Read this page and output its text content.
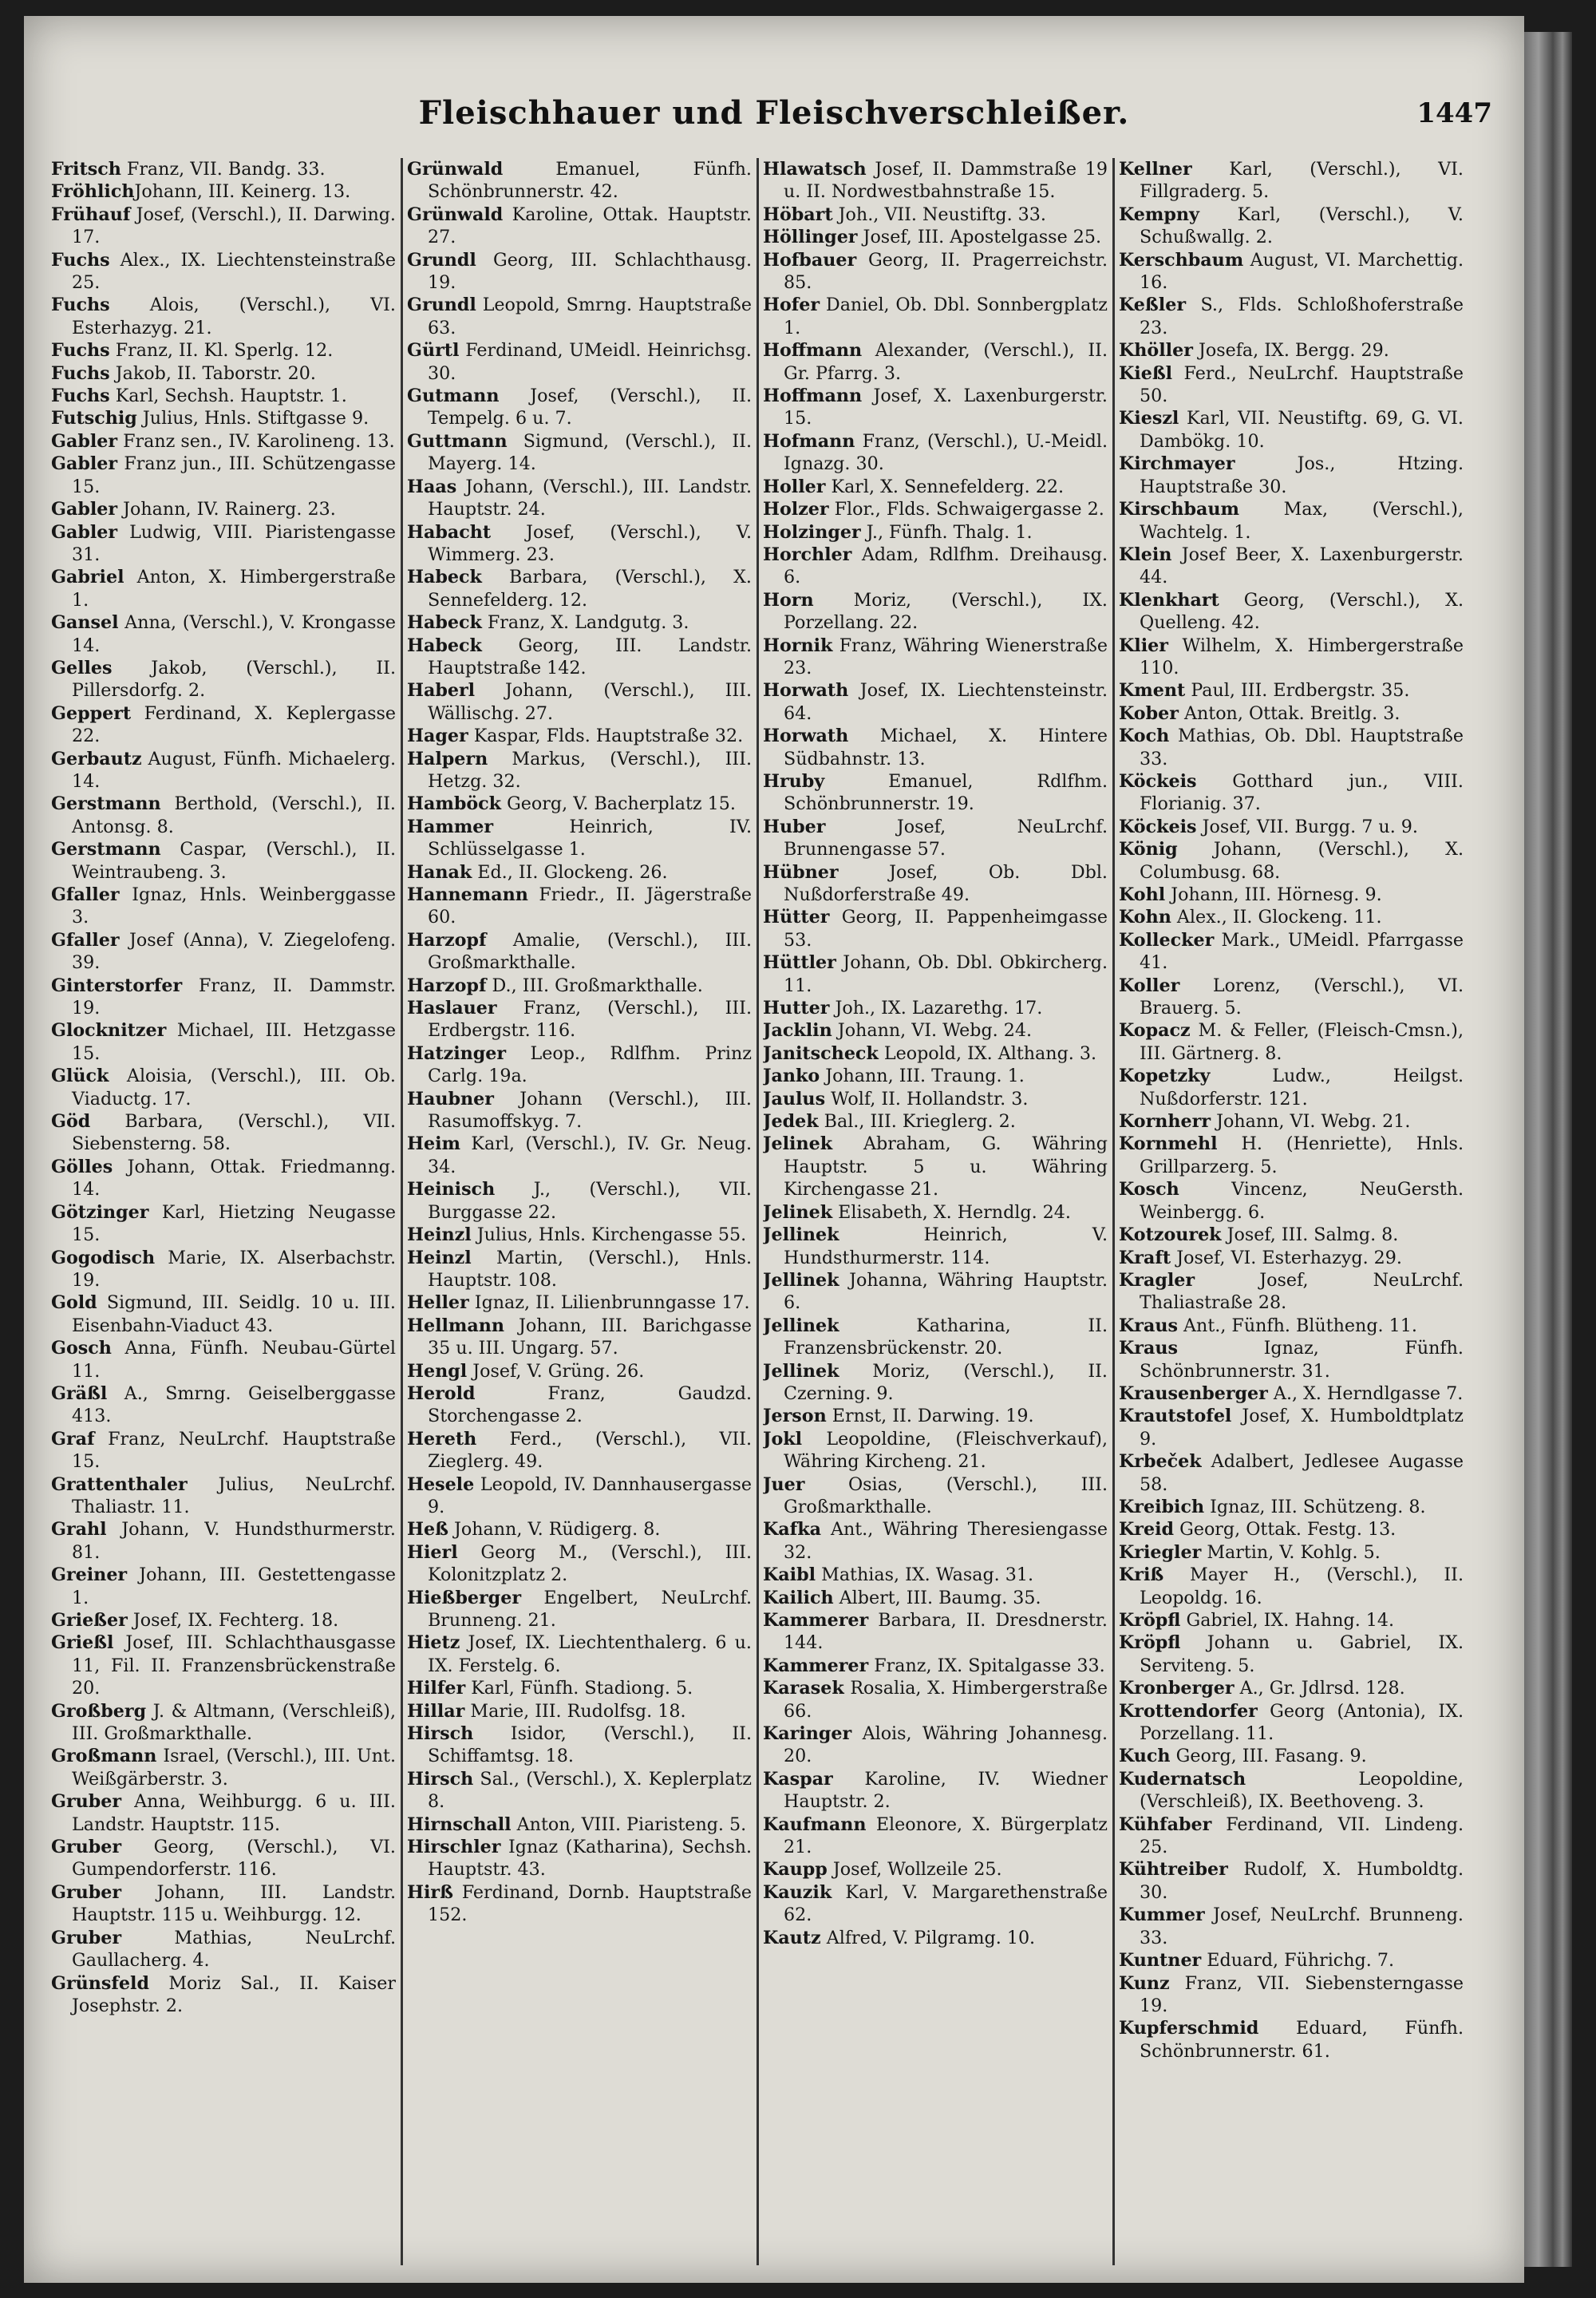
Fleischhauer und Fleischverschleißer.	1447

Fritsch Franz, VII. Bandg. 33.

FröhlichJohann, III. Keinerg. 13.

Frühauf Josef, (Verschl.), II. Darwing. 17.

Fuchs Alex., IX. Liechtensteinstraße 25.

Fuchs Alois, (Verschl.), VI. Esterhazyg. 21.

Fuchs Franz, II. Kl. Sperlg. 12.

Fuchs Jakob, II. Taborstr. 20.

Fuchs Karl, Sechsh. Hauptstr. 1.

Futschig Julius, Hnls. Stiftgasse 9.

Gabler Franz sen., IV. Karolineng. 13.

Gabler Franz jun., III. Schützengasse 15.

Gabler Johann, IV. Rainerg. 23.

Gabler Ludwig, VIII. Piaristengasse 31.

Gabriel Anton, X. Himbergerstraße 1.

Gansel Anna, (Verschl.), V. Krongasse 14.

Gelles Jakob, (Verschl.), II. Pillersdorfg. 2.

Geppert Ferdinand, X. Keplergasse 22.

Gerbautz August, Fünfh. Michaelerg. 14.

Gerstmann Berthold, (Verschl.), II. Antonsg. 8.

Gerstmann Caspar, (Verschl.), II. Weintraubeng. 3.

Gfaller Ignaz, Hnls. Weinberggasse 3.

Gfaller Josef (Anna), V. Ziegelofeng. 39.

Ginterstorfer Franz, II. Dammstr. 19.

Glocknitzer Michael, III. Hetzgasse 15.

Glück Aloisia, (Verschl.), III. Ob. Viaductg. 17.

Göd Barbara, (Verschl.), VII. Siebensterng. 58.

Gölles Johann, Ottak. Friedmanng. 14.

Götzinger Karl, Hietzing Neugasse 15.

Gogodisch Marie, IX. Alserbachstr. 19.

Gold Sigmund, III. Seidlg. 10 u. III. Eisenbahn-Viaduct 43.

Gosch Anna, Fünfh. Neubau-Gürtel 11.

Gräßl A., Smrng. Geiselberggasse 413.

Graf Franz, NeuLrchf. Hauptstraße 15.

Grattenthaler Julius, NeuLrchf. Thaliastr. 11.

Grahl Johann, V. Hundsthurmerstr. 81.

Greiner Johann, III. Gestettengasse 1.

Grießer Josef, IX. Fechterg. 18.

Grießl Josef, III. Schlachthausgasse 11, Fil. II. Franzensbrückenstraße 20.

Großberg J. & Altmann, (Verschleiß), III. Großmarkthalle.

Großmann Israel, (Verschl.), III. Unt. Weißgärberstr. 3.

Gruber Anna, Weihburgg. 6 u. III. Landstr. Hauptstr. 115.

Gruber Georg, (Verschl.), VI. Gumpendorferstr. 116.

Gruber Johann, III. Landstr. Hauptstr. 115 u. Weihburgg. 12.

Gruber Mathias, NeuLrchf. Gaullacherg. 4.

Grünsfeld Moriz Sal., II. Kaiser Josephstr. 2.

Grünwald Emanuel, Fünfh. Schönbrunnerstr. 42.

Grünwald Karoline, Ottak. Hauptstr. 27.

Grundl Georg, III. Schlachthausg. 19.

Grundl Leopold, Smrng. Hauptstraße 63.

Gürtl Ferdinand, UMeidl. Heinrichsg. 30.

Gutmann Josef, (Verschl.), II. Tempelg. 6 u. 7.

Guttmann Sigmund, (Verschl.), II. Mayerg. 14.

Haas Johann, (Verschl.), III. Landstr. Hauptstr. 24.

Habacht Josef, (Verschl.), V. Wimmerg. 23.

Habeck Barbara, (Verschl.), X. Sennefelderg. 12.

Habeck Franz, X. Landgutg. 3.

Habeck Georg, III. Landstr. Hauptstraße 142.

Haberl Johann, (Verschl.), III. Wällischg. 27.

Hager Kaspar, Flds. Hauptstraße 32.

Halpern Markus, (Verschl.), III. Hetzg. 32.

Hamböck Georg, V. Bacherplatz 15.

Hammer Heinrich, IV. Schlüsselgasse 1.

Hanak Ed., II. Glockeng. 26.

Hannemann Friedr., II. Jägerstraße 60.

Harzopf Amalie, (Verschl.), III. Großmarkthalle.

Harzopf D., III. Großmarkthalle.

Haslauer Franz, (Verschl.), III. Erdbergstr. 116.

Hatzinger Leop., Rdlfhm. Prinz Carlg. 19a.

Haubner Johann (Verschl.), III. Rasumoffskyg. 7.

Heim Karl, (Verschl.), IV. Gr. Neug. 34.

Heinisch J., (Verschl.), VII. Burggasse 22.

Heinzl Julius, Hnls. Kirchengasse 55.

Heinzl Martin, (Verschl.), Hnls. Hauptstr. 108.

Heller Ignaz, II. Lilienbrunngasse 17.

Hellmann Johann, III. Barichgasse 35 u. III. Ungarg. 57.

Hengl Josef, V. Grüng. 26.

Herold Franz, Gaudzd. Storchengasse 2.

Hereth Ferd., (Verschl.), VII. Zieglerg. 49.

Hesele Leopold, IV. Dannhausergasse 9.

Heß Johann, V. Rüdigerg. 8.

Hierl Georg M., (Verschl.), III. Kolonitzplatz 2.

Hießberger Engelbert, NeuLrchf. Brunneng. 21.

Hietz Josef, IX. Liechtenthalerg. 6 u. IX. Ferstelg. 6.

Hilfer Karl, Fünfh. Stadiong. 5.

Hillar Marie, III. Rudolfsg. 18.

Hirsch Isidor, (Verschl.), II. Schiffamtsg. 18.

Hirsch Sal., (Verschl.), X. Keplerplatz 8.

Hirnschall Anton, VIII. Piaristeng. 5.

Hirschler Ignaz (Katharina), Sechsh. Hauptstr. 43.

Hirß Ferdinand, Dornb. Hauptstraße 152.

Hlawatsch Josef, II. Dammstraße 19 u. II. Nordwestbahnstraße 15.

Höbart Joh., VII. Neustiftg. 33.

Höllinger Josef, III. Apostelgasse 25.

Hofbauer Georg, II. Pragerreichstr. 85.

Hofer Daniel, Ob. Dbl. Sonnbergplatz 1.

Hoffmann Alexander, (Verschl.), II. Gr. Pfarrg. 3.

Hoffmann Josef, X. Laxenburgerstr. 15.

Hofmann Franz, (Verschl.), U.-Meidl. Ignazg. 30.

Holler Karl, X. Sennefelderg. 22.

Holzer Flor., Flds. Schwaigergasse 2.

Holzinger J., Fünfh. Thalg. 1.

Horchler Adam, Rdlfhm. Dreihausg. 6.

Horn Moriz, (Verschl.), IX. Porzellang. 22.

Hornik Franz, Währing Wienerstraße 23.

Horwath Josef, IX. Liechtensteinstr. 64.

Horwath Michael, X. Hintere Südbahnstr. 13.

Hruby Emanuel, Rdlfhm. Schönbrunnerstr. 19.

Huber Josef, NeuLrchf. Brunnengasse 57.

Hübner Josef, Ob. Dbl. Nußdorferstraße 49.

Hütter Georg, II. Pappenheimgasse 53.

Hüttler Johann, Ob. Dbl. Obkircherg. 11.

Hutter Joh., IX. Lazarethg. 17.

Jacklin Johann, VI. Webg. 24.

Janitscheck Leopold, IX. Althang. 3.

Janko Johann, III. Traung. 1.

Jaulus Wolf, II. Hollandstr. 3.

Jedek Bal., III. Krieglerg. 2.

Jelinek Abraham, G. Währing Hauptstr. 5 u. Währing Kirchengasse 21.

Jelinek Elisabeth, X. Herndlg. 24.

Jellinek Heinrich, V. Hundsthurmerstr. 114.

Jellinek Johanna, Währing Hauptstr. 6.

Jellinek Katharina, II. Franzensbrückenstr. 20.

Jellinek Moriz, (Verschl.), II. Czerning. 9.

Jerson Ernst, II. Darwing. 19.

Jokl Leopoldine, (Fleischverkauf), Währing Kircheng. 21.

Juer Osias, (Verschl.), III. Großmarkthalle.

Kafka Ant., Währing Theresiengasse 32.

Kaibl Mathias, IX. Wasag. 31.

Kailich Albert, III. Baumg. 35.

Kammerer Barbara, II. Dresdnerstr. 144.

Kammerer Franz, IX. Spitalgasse 33.

Karasek Rosalia, X. Himbergerstraße 66.

Karinger Alois, Währing Johannesg. 20.

Kaspar Karoline, IV. Wiedner Hauptstr. 2.

Kaufmann Eleonore, X. Bürgerplatz 21.

Kaupp Josef, Wollzeile 25.

Kauzik Karl, V. Margarethenstraße 62.

Kautz Alfred, V. Pilgramg. 10.

Kellner Karl, (Verschl.), VI. Fillgraderg. 5.

Kempny Karl, (Verschl.), V. Schußwallg. 2.

Kerschbaum August, VI. Marchettig. 16.

Keßler S., Flds. Schloßhoferstraße 23.

Khöller Josefa, IX. Bergg. 29.

Kießl Ferd., NeuLrchf. Hauptstraße 50.

Kieszl Karl, VII. Neustiftg. 69, G. VI. Dambökg. 10.

Kirchmayer Jos., Htzing. Hauptstraße 30.

Kirschbaum Max, (Verschl.), Wachtelg. 1.

Klein Josef Beer, X. Laxenburgerstr. 44.

Klenkhart Georg, (Verschl.), X. Quelleng. 42.

Klier Wilhelm, X. Himbergerstraße 110.

Kment Paul, III. Erdbergstr. 35.

Kober Anton, Ottak. Breitlg. 3.

Koch Mathias, Ob. Dbl. Hauptstraße 33.

Köckeis Gotthard jun., VIII. Florianig. 37.

Köckeis Josef, VII. Burgg. 7 u. 9.

König Johann, (Verschl.), X. Columbusg. 68.

Kohl Johann, III. Hörnesg. 9.

Kohn Alex., II. Glockeng. 11.

Kollecker Mark., UMeidl. Pfarrgasse 41.

Koller Lorenz, (Verschl.), VI. Brauerg. 5.

Kopacz M. & Feller, (Fleisch-Cmsn.), III. Gärtnerg. 8.

Kopetzky Ludw., Heilgst. Nußdorferstr. 121.

Kornherr Johann, VI. Webg. 21.

Kornmehl H. (Henriette), Hnls. Grillparzerg. 5.

Kosch Vincenz, NeuGersth. Weinbergg. 6.

Kotzourek Josef, III. Salmg. 8.

Kraft Josef, VI. Esterhazyg. 29.

Kragler Josef, NeuLrchf. Thaliastraße 28.

Kraus Ant., Fünfh. Blütheng. 11.

Kraus Ignaz, Fünfh. Schönbrunnerstr. 31.

Krausenberger A., X. Herndlgasse 7.

Krautstofel Josef, X. Humboldtplatz 9.

Krbeček Adalbert, Jedlesee Augasse 58.

Kreibich Ignaz, III. Schützeng. 8.

Kreid Georg, Ottak. Festg. 13.

Kriegler Martin, V. Kohlg. 5.

Kriß Mayer H., (Verschl.), II. Leopoldg. 16.

Kröpfl Gabriel, IX. Hahng. 14.

Kröpfl Johann u. Gabriel, IX. Serviteng. 5.

Kronberger A., Gr. Jdlrsd. 128.

Krottendorfer Georg (Antonia), IX. Porzellang. 11.

Kuch Georg, III. Fasang. 9.

Kudernatsch Leopoldine, (Verschleiß), IX. Beethoveng. 3.

Kühfaber Ferdinand, VII. Lindeng. 25.

Kühtreiber Rudolf, X. Humboldtg. 30.

Kummer Josef, NeuLrchf. Brunneng. 33.

Kuntner Eduard, Führichg. 7.

Kunz Franz, VII. Siebensterngasse 19.

Kupferschmid Eduard, Fünfh. Schönbrunnerstr. 61.
